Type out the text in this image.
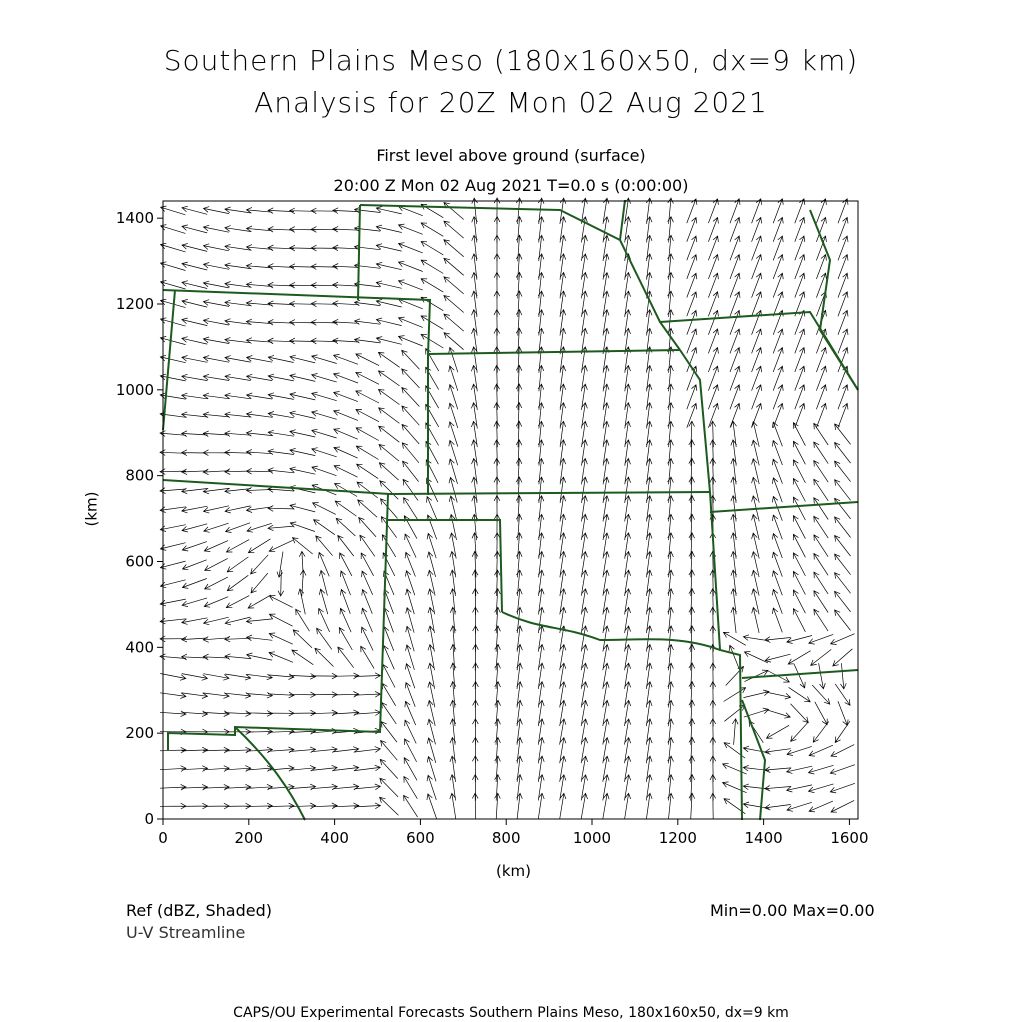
Southern Plains Meso (180x160x50, dx=9 km)
Analysis for 20Z Mon 02 Aug 2021
First level above ground (surface)
20:00 Z Mon 02 Aug 2021 T=0.0 s (0:00:00)
0	200	400	600	800	1000	1200	1400	1600
0
200
400
600
800
1000
1200
1400
(km)
(km)
Ref (dBZ, Shaded)
U-V Streamline
Min=0.00 Max=0.00
CAPS/OU Experimental Forecasts Southern Plains Meso, 180x160x50, dx=9 km
